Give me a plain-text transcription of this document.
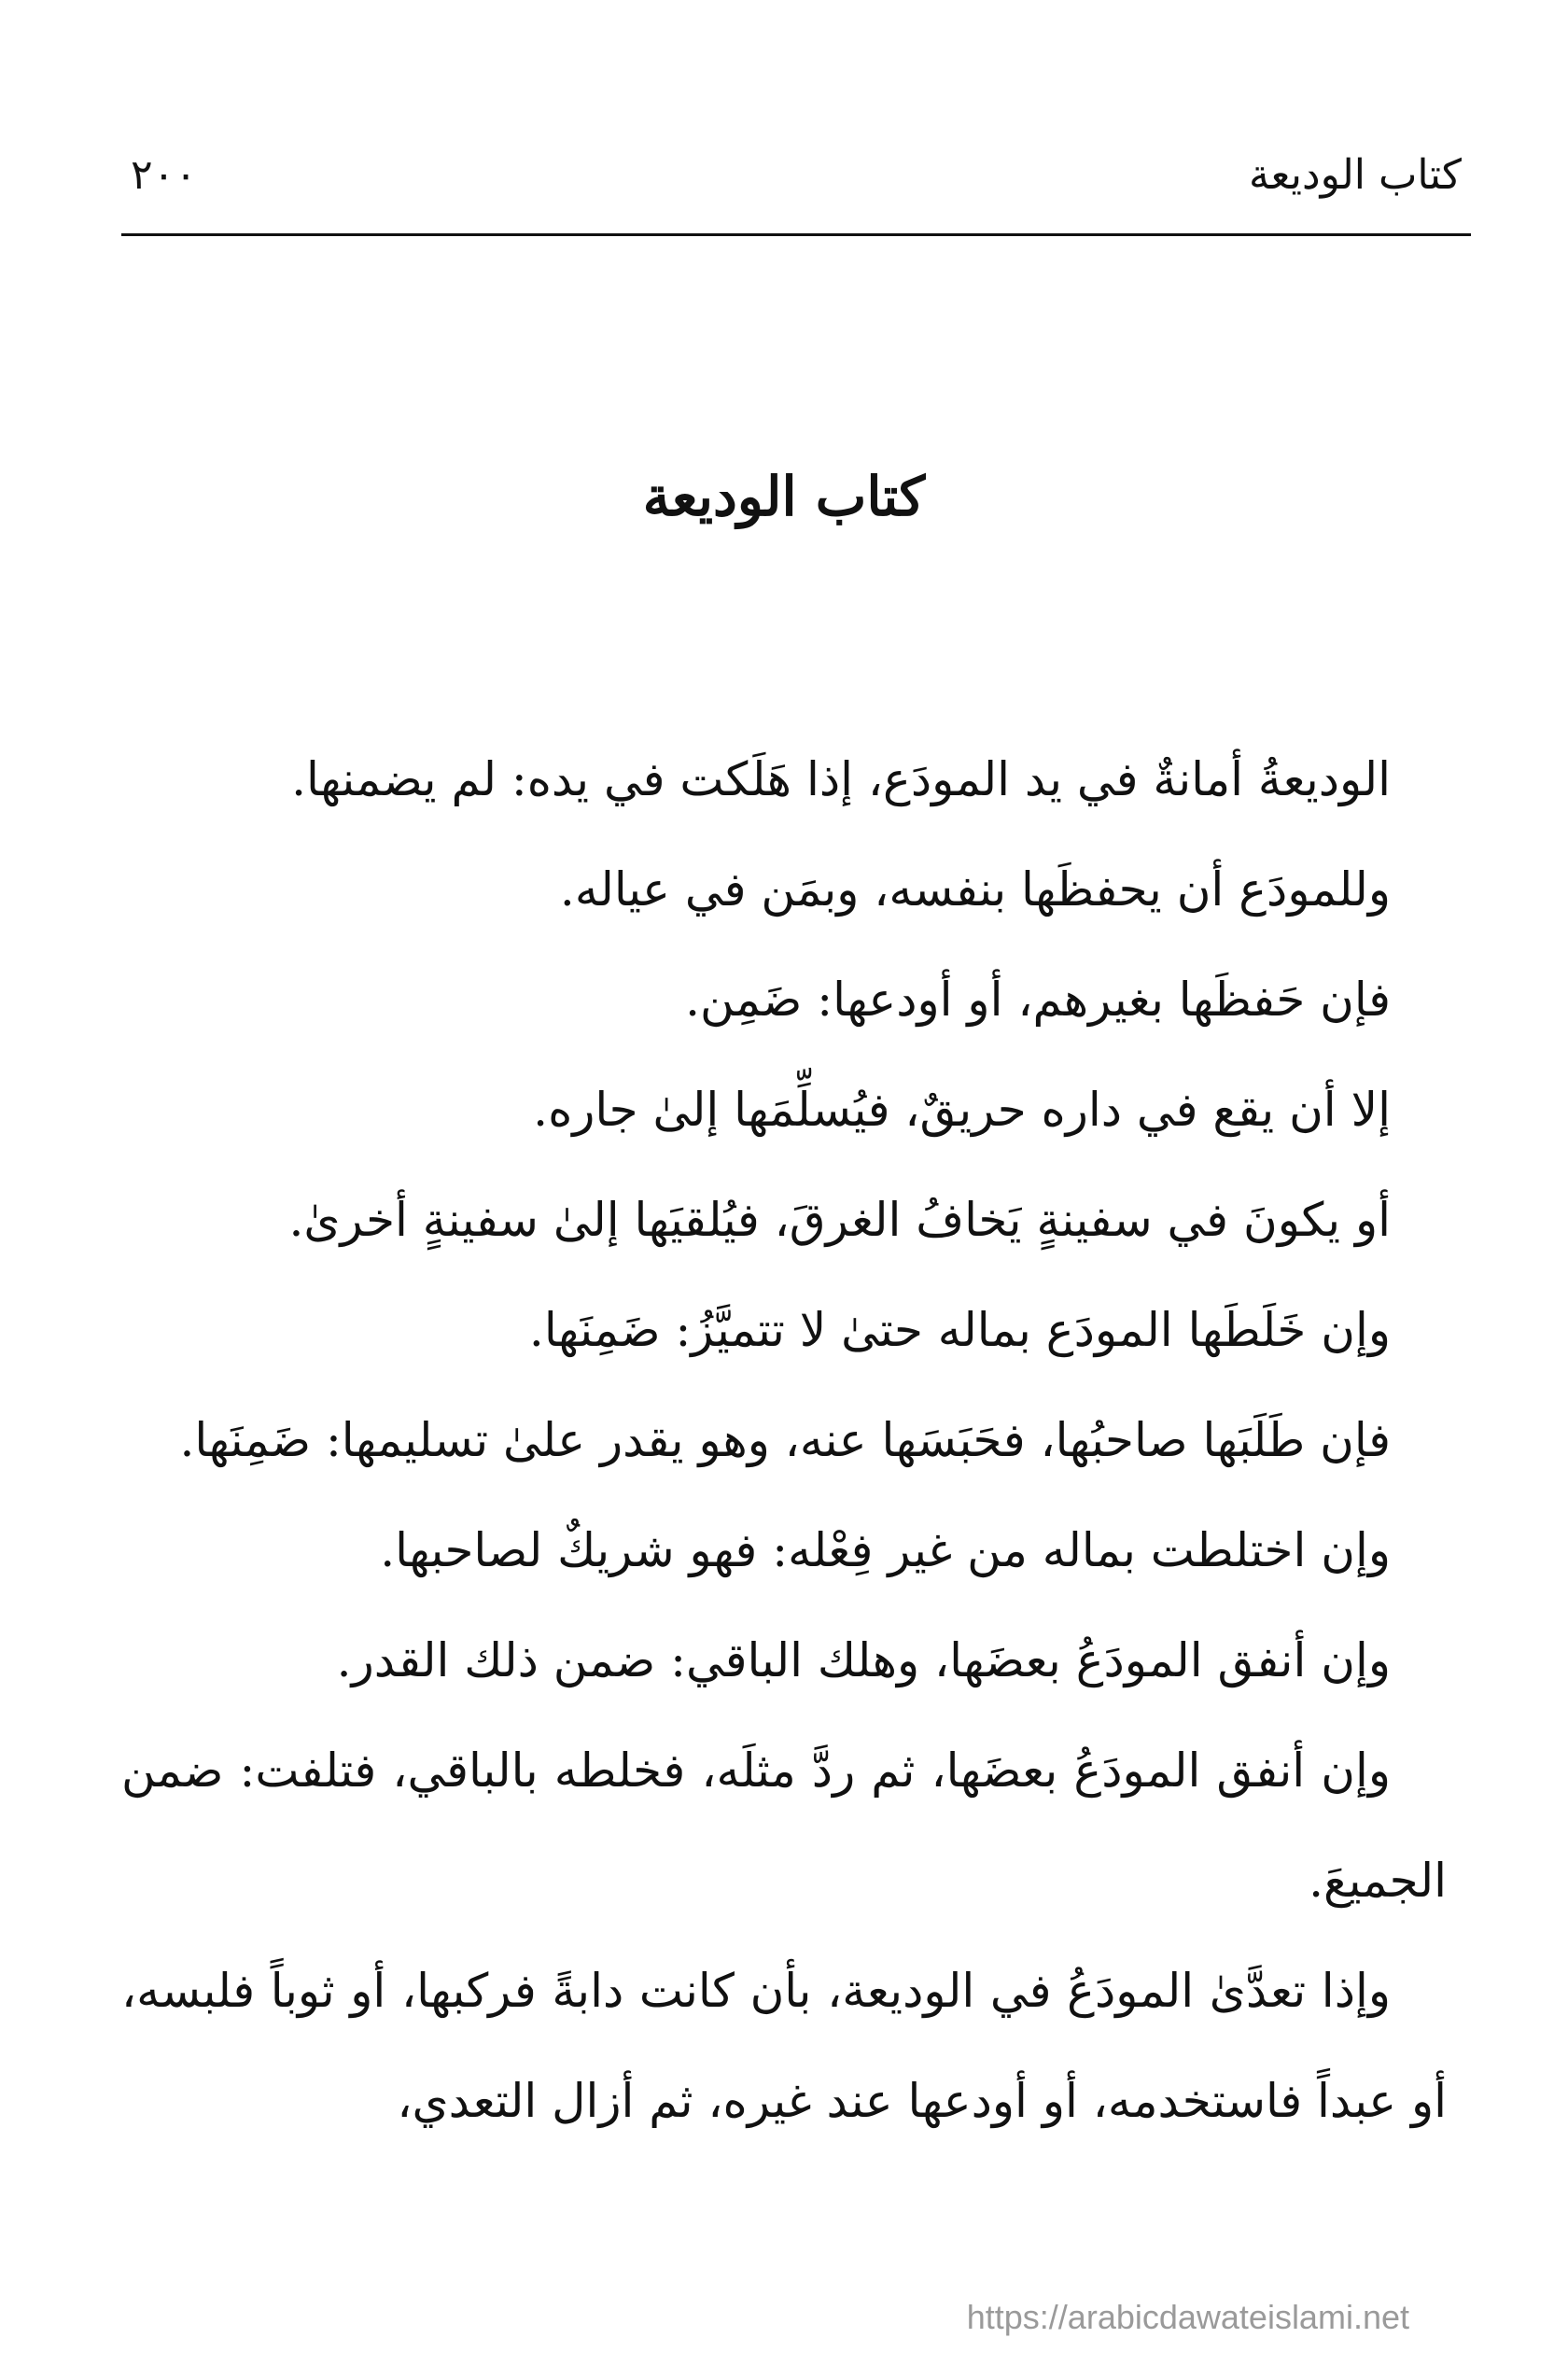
كتاب الوديعة
٢٠٠
كتاب الوديعة

الوديعةُ أمانةٌ في يد المودَع، إذا هَلَكت في يده: لم يضمنها.

وللمودَع أن يحفظَها بنفسه، وبمَن في عياله.

فإن حَفظَها بغيرهم، أو أودعها: ضَمِن.

إلا أن يقع في داره حريقٌ، فيُسلِّمَها إلىٰ جاره.

أو يكونَ في سفينةٍ يَخافُ الغرقَ، فيُلقيَها إلىٰ سفينةٍ أخرىٰ.

وإن خَلَطَها المودَع بماله حتىٰ لا تتميَّزُ: ضَمِنَها.

فإن طَلَبَها صاحبُها، فحَبَسَها عنه، وهو يقدر علىٰ تسليمها: ضَمِنَها.

وإن اختلطت بماله من غير فِعْله: فهو شريكٌ لصاحبها.

وإن أنفق المودَعُ بعضَها، وهلك الباقي: ضمن ذلك القدر.

وإن أنفق المودَعُ بعضَها، ثم ردَّ مثلَه، فخلطه بالباقي، فتلفت: ضمن الجميعَ.

وإذا تعدَّىٰ المودَعُ في الوديعة، بأن كانت دابةً فركبها، أو ثوباً فلبسه، أو عبداً فاستخدمه، أو أودعها عند غيره، ثم أزال التعدي،

https://arabicdawateislami.net
